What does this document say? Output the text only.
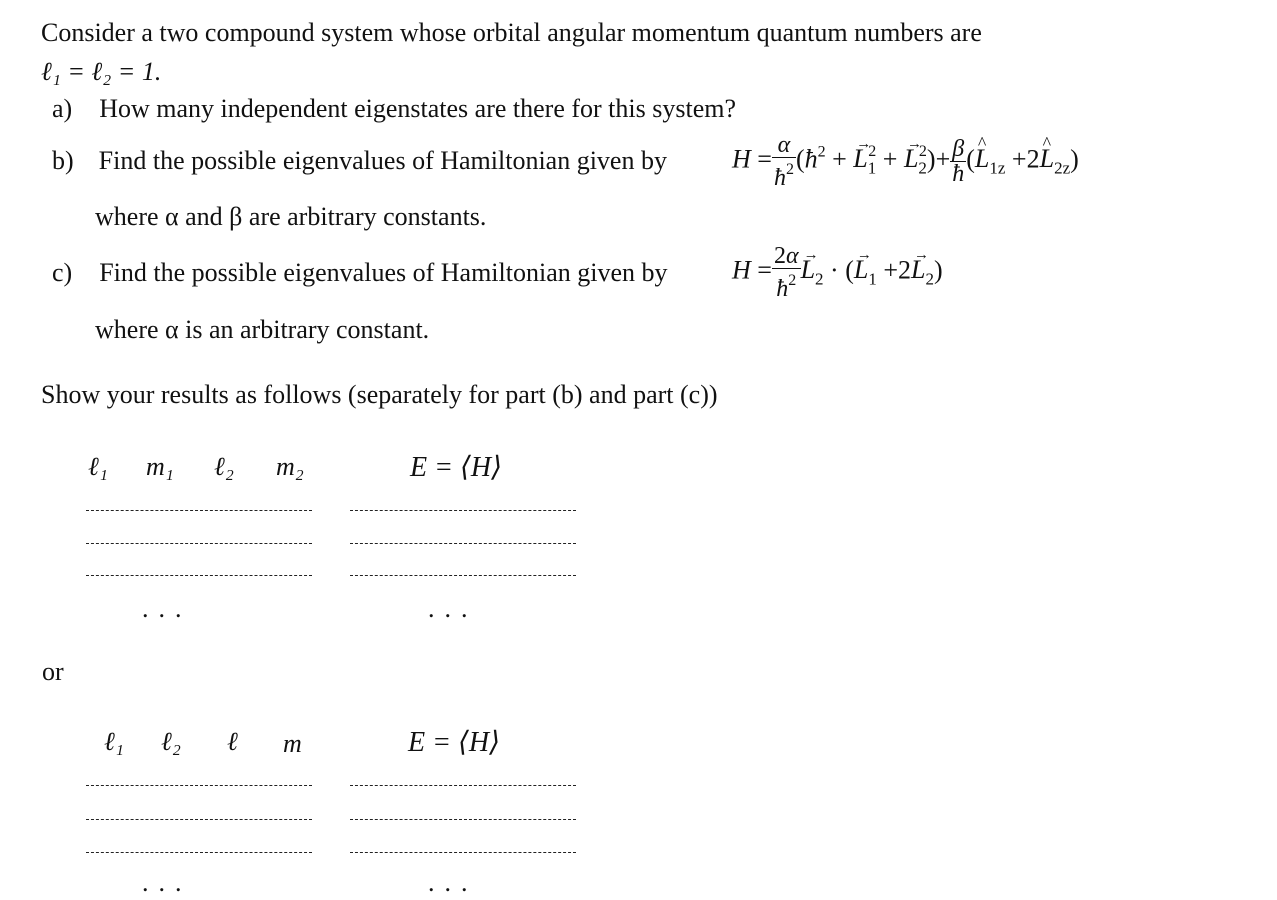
Consider a two compound system whose orbital angular momentum quantum numbers are
ℓ₁ = ℓ₂ = 1.
a) How many independent eigenstates are there for this system?
b) Find the possible eigenvalues of Hamiltonian given by	$H = \frac{\alpha}{ħ^2}$ ($ħ^2$ + → $L_1^2$ + → $L_2^2)+ \frac{\beta}{ħ}$ (^ $L_{1z}$ +2^ $L_{2z}$)
where α and β are arbitrary constants.
c) Find the possible eigenvalues of Hamiltonian given by $H = \frac{2\alpha}{ħ^2}$
→ $L_2$ · (→ $L_1 +2\to L_2$)
where α is an arbitrary constant.
Show your results as follows (separately for part (b) and part (c))
ℓ₁ m₁ ℓ₂ m₂	E = ⟨H⟩
...	...
or
ℓ₁ ℓ₂ ℓ m	E = ⟨H⟩
...	...
